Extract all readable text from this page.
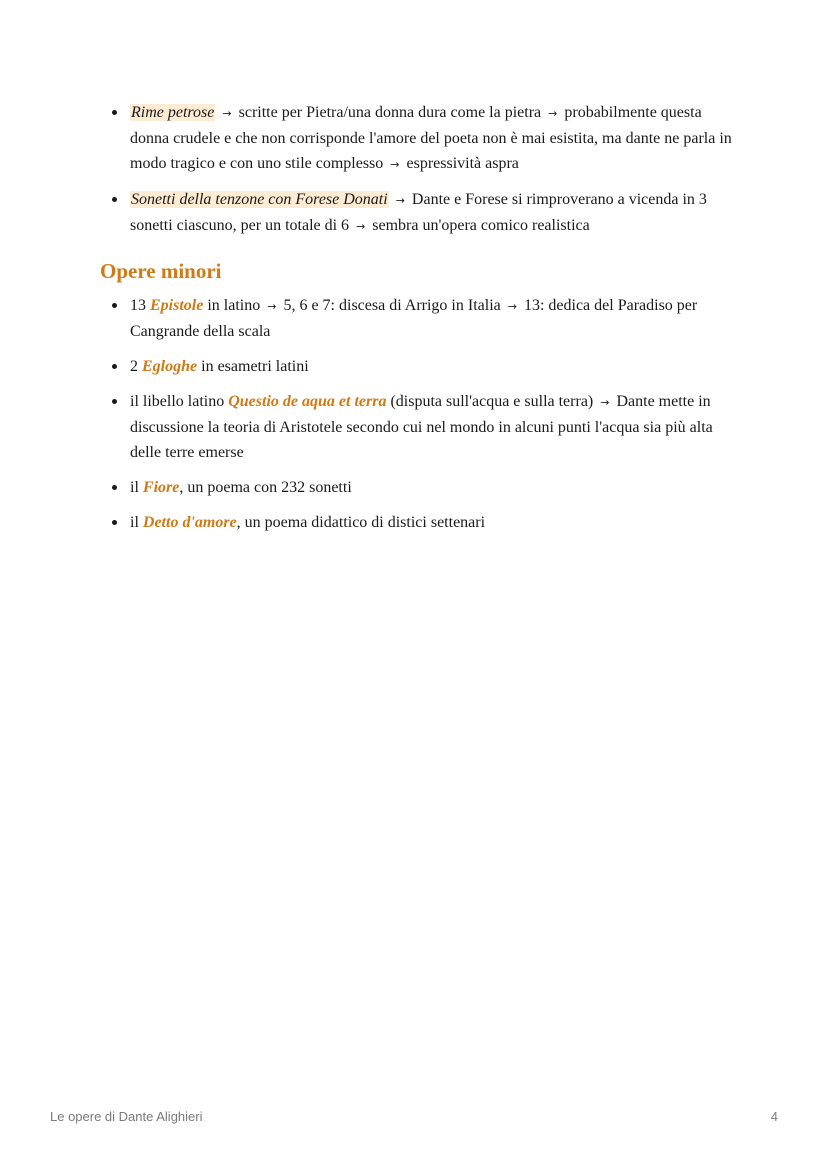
Rime petrose → scritte per Pietra/una donna dura come la pietra → probabilmente questa donna crudele e che non corrisponde l'amore del poeta non è mai esistita, ma dante ne parla in modo tragico e con uno stile complesso → espressività aspra
Sonetti della tenzone con Forese Donati → Dante e Forese si rimproverano a vicenda in 3 sonetti ciascuno, per un totale di 6 → sembra un'opera comico realistica
Opere minori
13 Epistole in latino → 5, 6 e 7: discesa di Arrigo in Italia → 13: dedica del Paradiso per Cangrande della scala
2 Egloghe in esametri latini
il libello latino Questio de aqua et terra (disputa sull'acqua e sulla terra) → Dante mette in discussione la teoria di Aristotele secondo cui nel mondo in alcuni punti l'acqua sia più alta delle terre emerse
il Fiore, un poema con 232 sonetti
il Detto d'amore, un poema didattico di distici settenari
Le opere di Dante Alighieri	4
